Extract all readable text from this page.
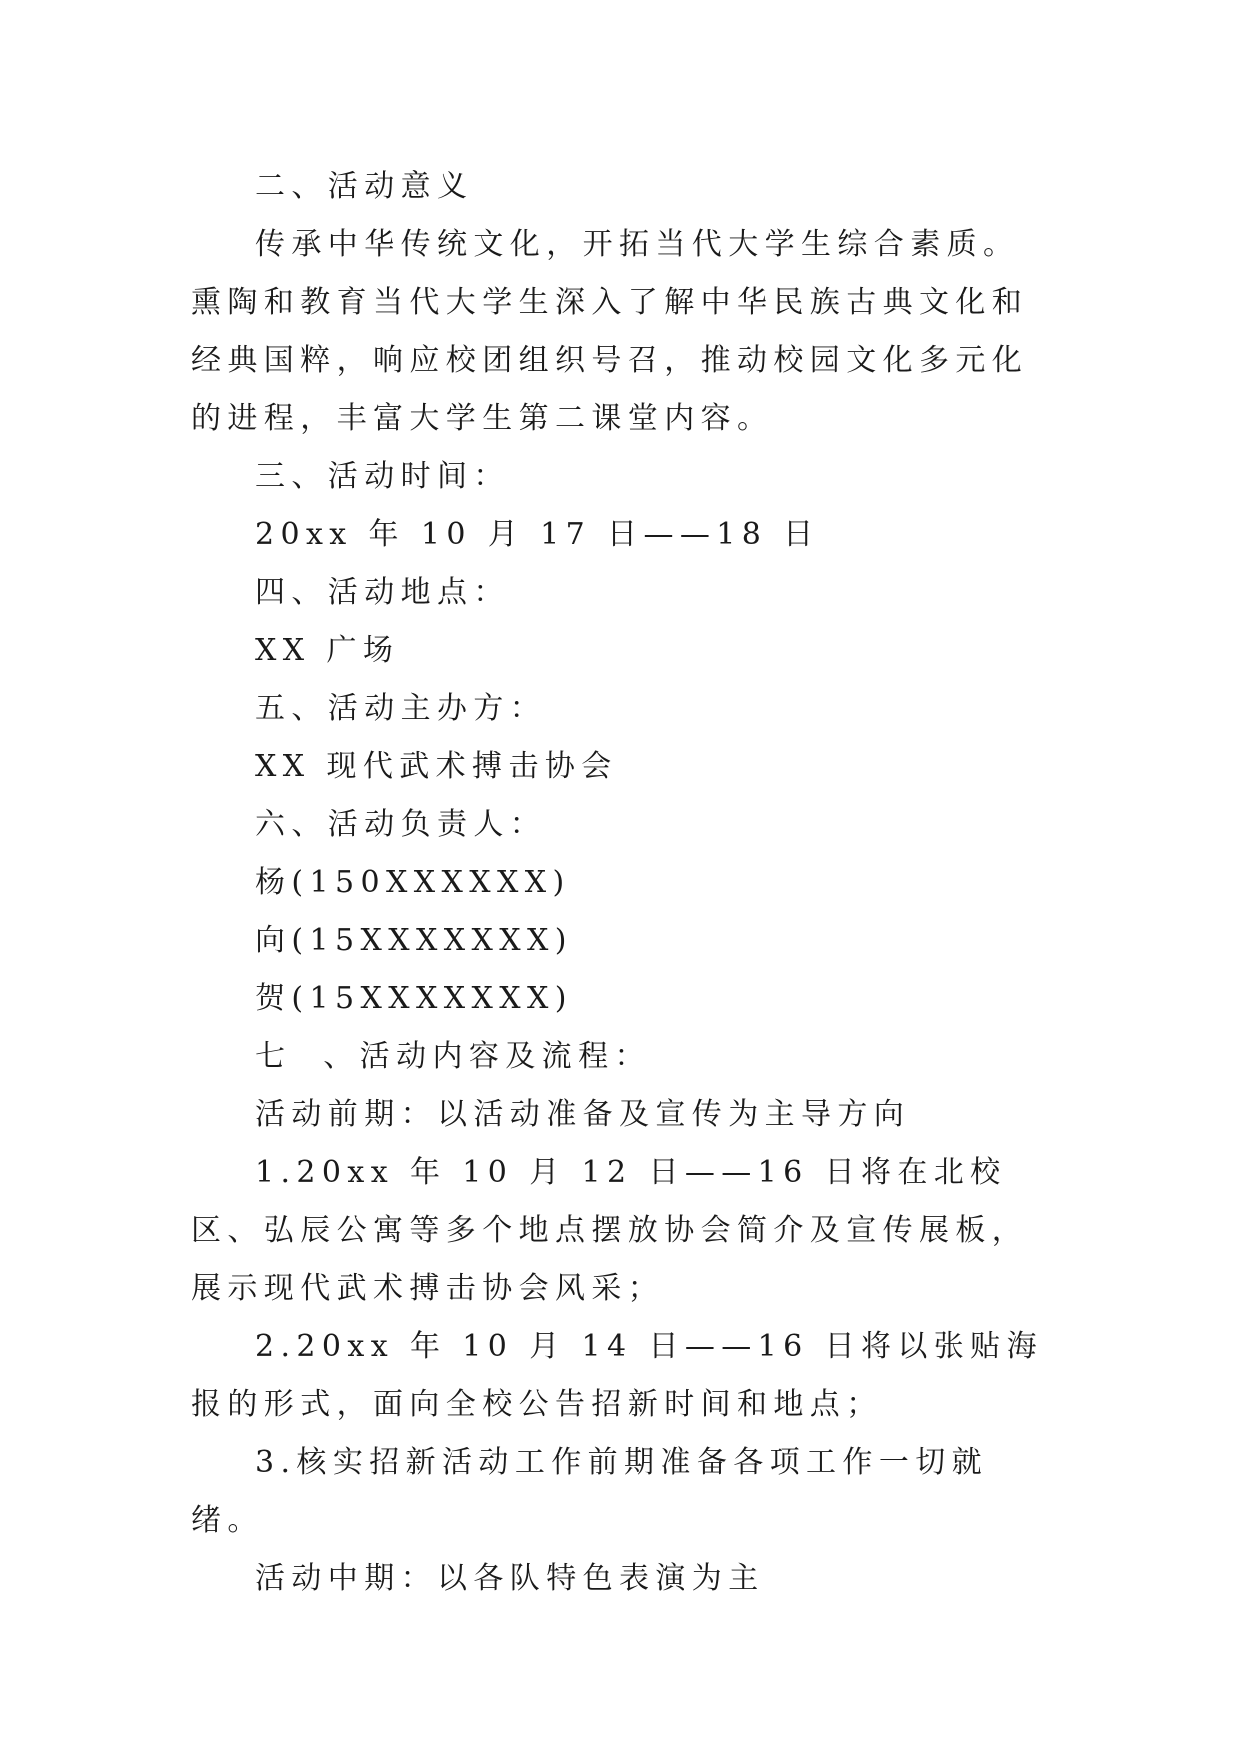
二、活动意义

传承中华传统文化，开拓当代大学生综合素质。熏陶和教育当代大学生深入了解中华民族古典文化和经典国粹，响应校团组织号召，推动校园文化多元化的进程，丰富大学生第二课堂内容。

三、活动时间：

20xx 年 10 月 17 日——18 日

四、活动地点：

XX 广场

五、活动主办方：

XX 现代武术搏击协会

六、活动负责人：

杨(150XXXXXX)

向(15XXXXXXX)

贺(15XXXXXXX)

七  、活动内容及流程：

活动前期：以活动准备及宣传为主导方向

1.20xx 年 10 月 12 日——16 日将在北校区、弘辰公寓等多个地点摆放协会简介及宣传展板，展示现代武术搏击协会风采；

2.20xx 年 10 月 14 日——16 日将以张贴海报的形式，面向全校公告招新时间和地点；

3.核实招新活动工作前期准备各项工作一切就绪。

活动中期：以各队特色表演为主
